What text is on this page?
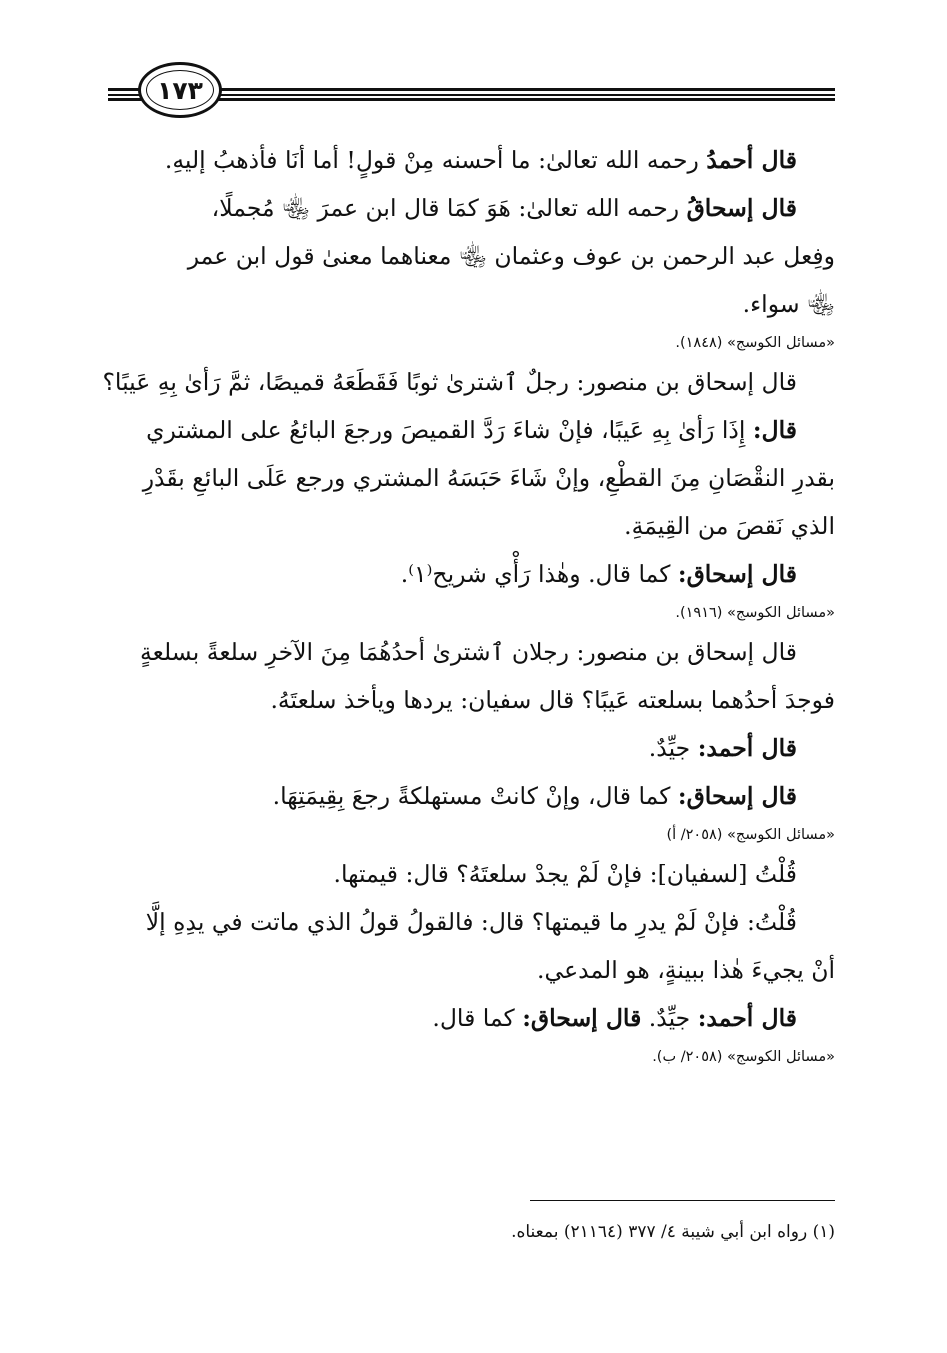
١٧٣
قال أحمدُ رحمه الله تعالىٰ: ما أحسنه مِنْ قولٍ! أما أنَا فأذهبُ إليهِ.
قال إسحاقُ رحمه الله تعالىٰ: هَوَ كمَا قال ابن عمرَ ﵄ مُجملًا،
وفِعل عبد الرحمن بن عوف وعثمان ﵄ معناهما معنىٰ قول ابن عمر
﵄ سواء.
«مسائل الكوسج» (١٨٤٨).
قال إسحاق بن منصور: رجلٌ ٱشترىٰ ثوبًا فَقَطَعَهُ قميصًا، ثمَّ رَأىٰ بِهِ عَيبًا؟
قال: إِذَا رَأىٰ بِهِ عَيبًا، فإنْ شاءَ رَدَّ القميصَ ورجعَ البائعُ على المشتري
بقدرِ النقْصَانِ مِنَ القطْعِ، وإنْ شَاءَ حَبَسَهُ المشتري ورجع عَلَى البائعِ بقَدْرِ
الذي نَقصَ من القِيمَةِ.
قال إسحاق: كما قال. وهٰذا رَأْي شريح⁽١⁾.
«مسائل الكوسج» (١٩١٦).
قال إسحاق بن منصور: رجلان ٱشترىٰ أحدُهُمَا مِنَ الآخرِ سلعةً بسلعةٍ
فوجدَ أحدُهما بسلعته عَيبًا؟ قال سفيان: يردها ويأخذ سلعتَهُ.
قال أحمد: جيِّدٌ.
قال إسحاق: كما قال، وإنْ كانتْ مستهلكةً رجعَ بِقِيمَتِهَا.
«مسائل الكوسج» (٢٠٥٨/ أ)
قُلْتُ [لسفيان]: فإنْ لَمْ يجدْ سلعتَهُ؟ قال: قيمتها.
قُلْتُ: فإنْ لَمْ يدرِ ما قيمتها؟ قال: فالقولُ قولُ الذي ماتت في يدِهِ إلَّا
أنْ يجيءَ هٰذا ببينةٍ، هو المدعي.
قال أحمد: جيِّدٌ. قال إسحاق: كما قال.
«مسائل الكوسج» (٢٠٥٨/ ب).
(١) رواه ابن أبي شيبة ٤/ ٣٧٧ (٢١١٦٤) بمعناه.
